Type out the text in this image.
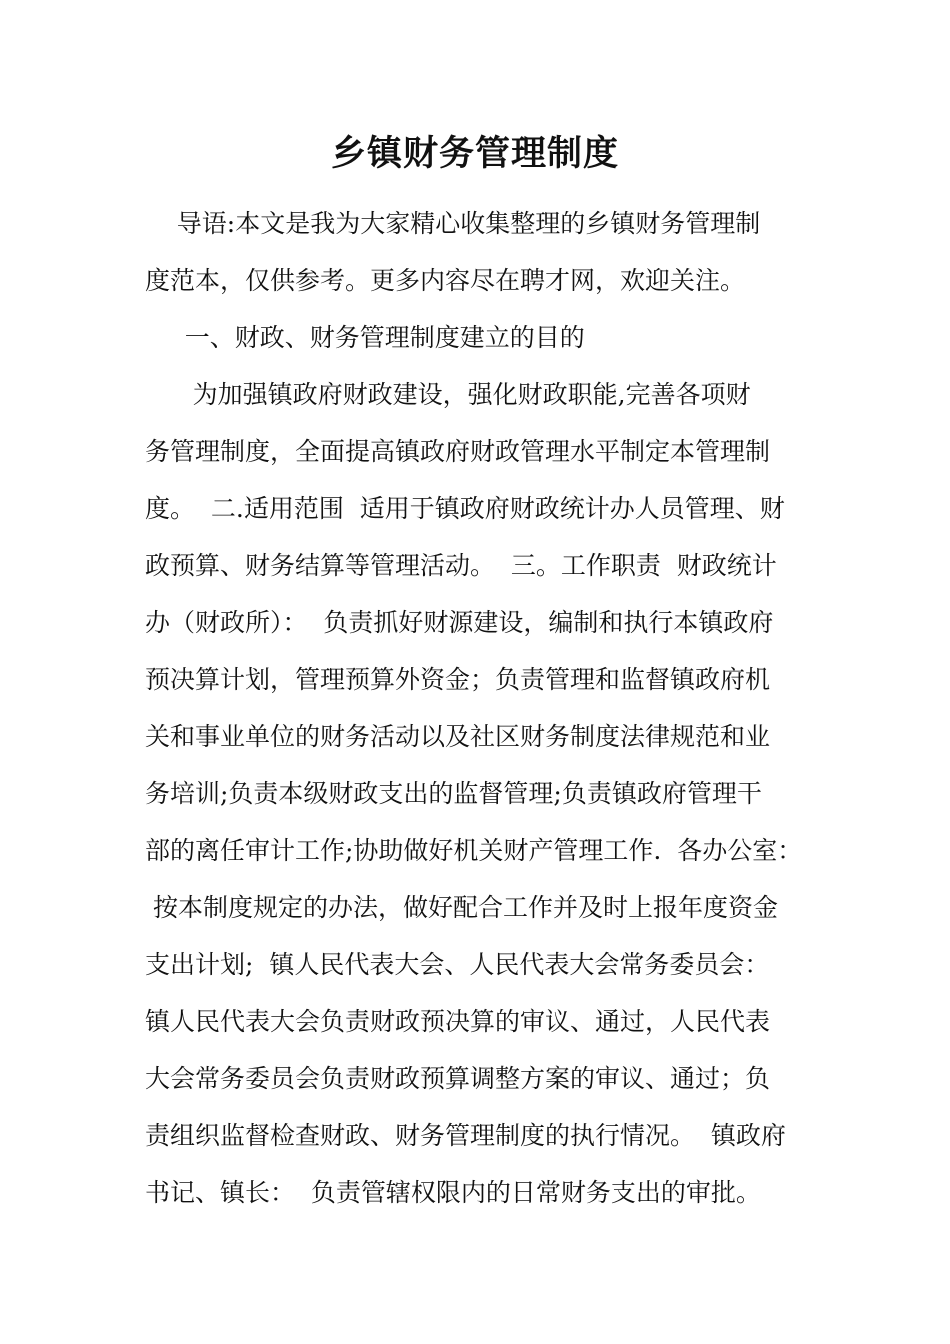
乡镇财务管理制度

导语:本文是我为大家精心收集整理的乡镇财务管理制

度范本，仅供参考。更多内容尽在聘才网，欢迎关注。

一、财政、财务管理制度建立的目的

为加强镇政府财政建设，强化财政职能,完善各项财

务管理制度，全面提高镇政府财政管理水平制定本管理制

度。  二.适用范围  适用于镇政府财政统计办人员管理、财

政预算、财务结算等管理活动。  三。工作职责  财政统计

办（财政所）：  负责抓好财源建设，编制和执行本镇政府

预决算计划，管理预算外资金；负责管理和监督镇政府机

关和事业单位的财务活动以及社区财务制度法律规范和业

务培训;负责本级财政支出的监督管理;负责镇政府管理干

部的离任审计工作;协助做好机关财产管理工作.  各办公室：

按本制度规定的办法，做好配合工作并及时上报年度资金

支出计划;  镇人民代表大会、人民代表大会常务委员会：

镇人民代表大会负责财政预决算的审议、通过，人民代表

大会常务委员会负责财政预算调整方案的审议、通过；负

责组织监督检查财政、财务管理制度的执行情况。  镇政府

书记、镇长：  负责管辖权限内的日常财务支出的审批。
